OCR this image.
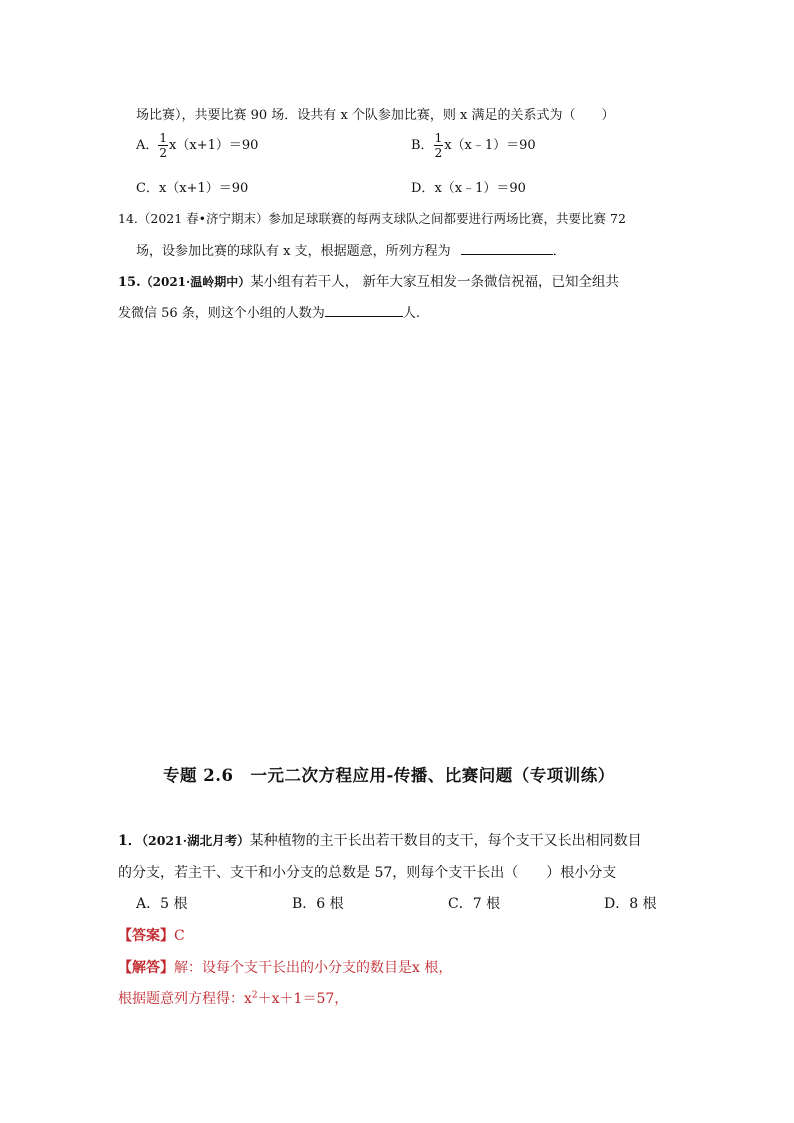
场比赛），共要比赛 90 场．设共有 x 个队参加比赛，则 x 满足的关系式为（　　）
A． $\frac{1}{2} x(x+1)=90$	B． $\frac{1}{2}$ x（x﹣1）＝90
C．x（x+1）＝90	D．x（x﹣1）＝90
14.（2021 春•济宁期末）参加足球联赛的每两支球队之间都要进行两场比赛，共要比赛 72
场，设参加比赛的球队有 x 支，根据题意，所列方程为	．
15.（2021·温岭期中）某小组有若干人， 新年大家互相发一条微信祝福，已知全组共
发微信 56 条，则这个小组的人数为	人.
专题 2.6　一元二次方程应用-传播、比赛问题（专项训练）
1．（2021·湖北月考）某种植物的主干长出若干数目的支干，每个支干又长出相同数目
的分支，若主干、支干和小分支的总数是 57，则每个支干长出（　　）根小分支
A．5 根	B．6 根	C．7 根	D．8 根
【答案】C
【解答】解：设每个支干长出的小分支的数目是x 根，
根据题意列方程得：$x^2+x+1=57$，
